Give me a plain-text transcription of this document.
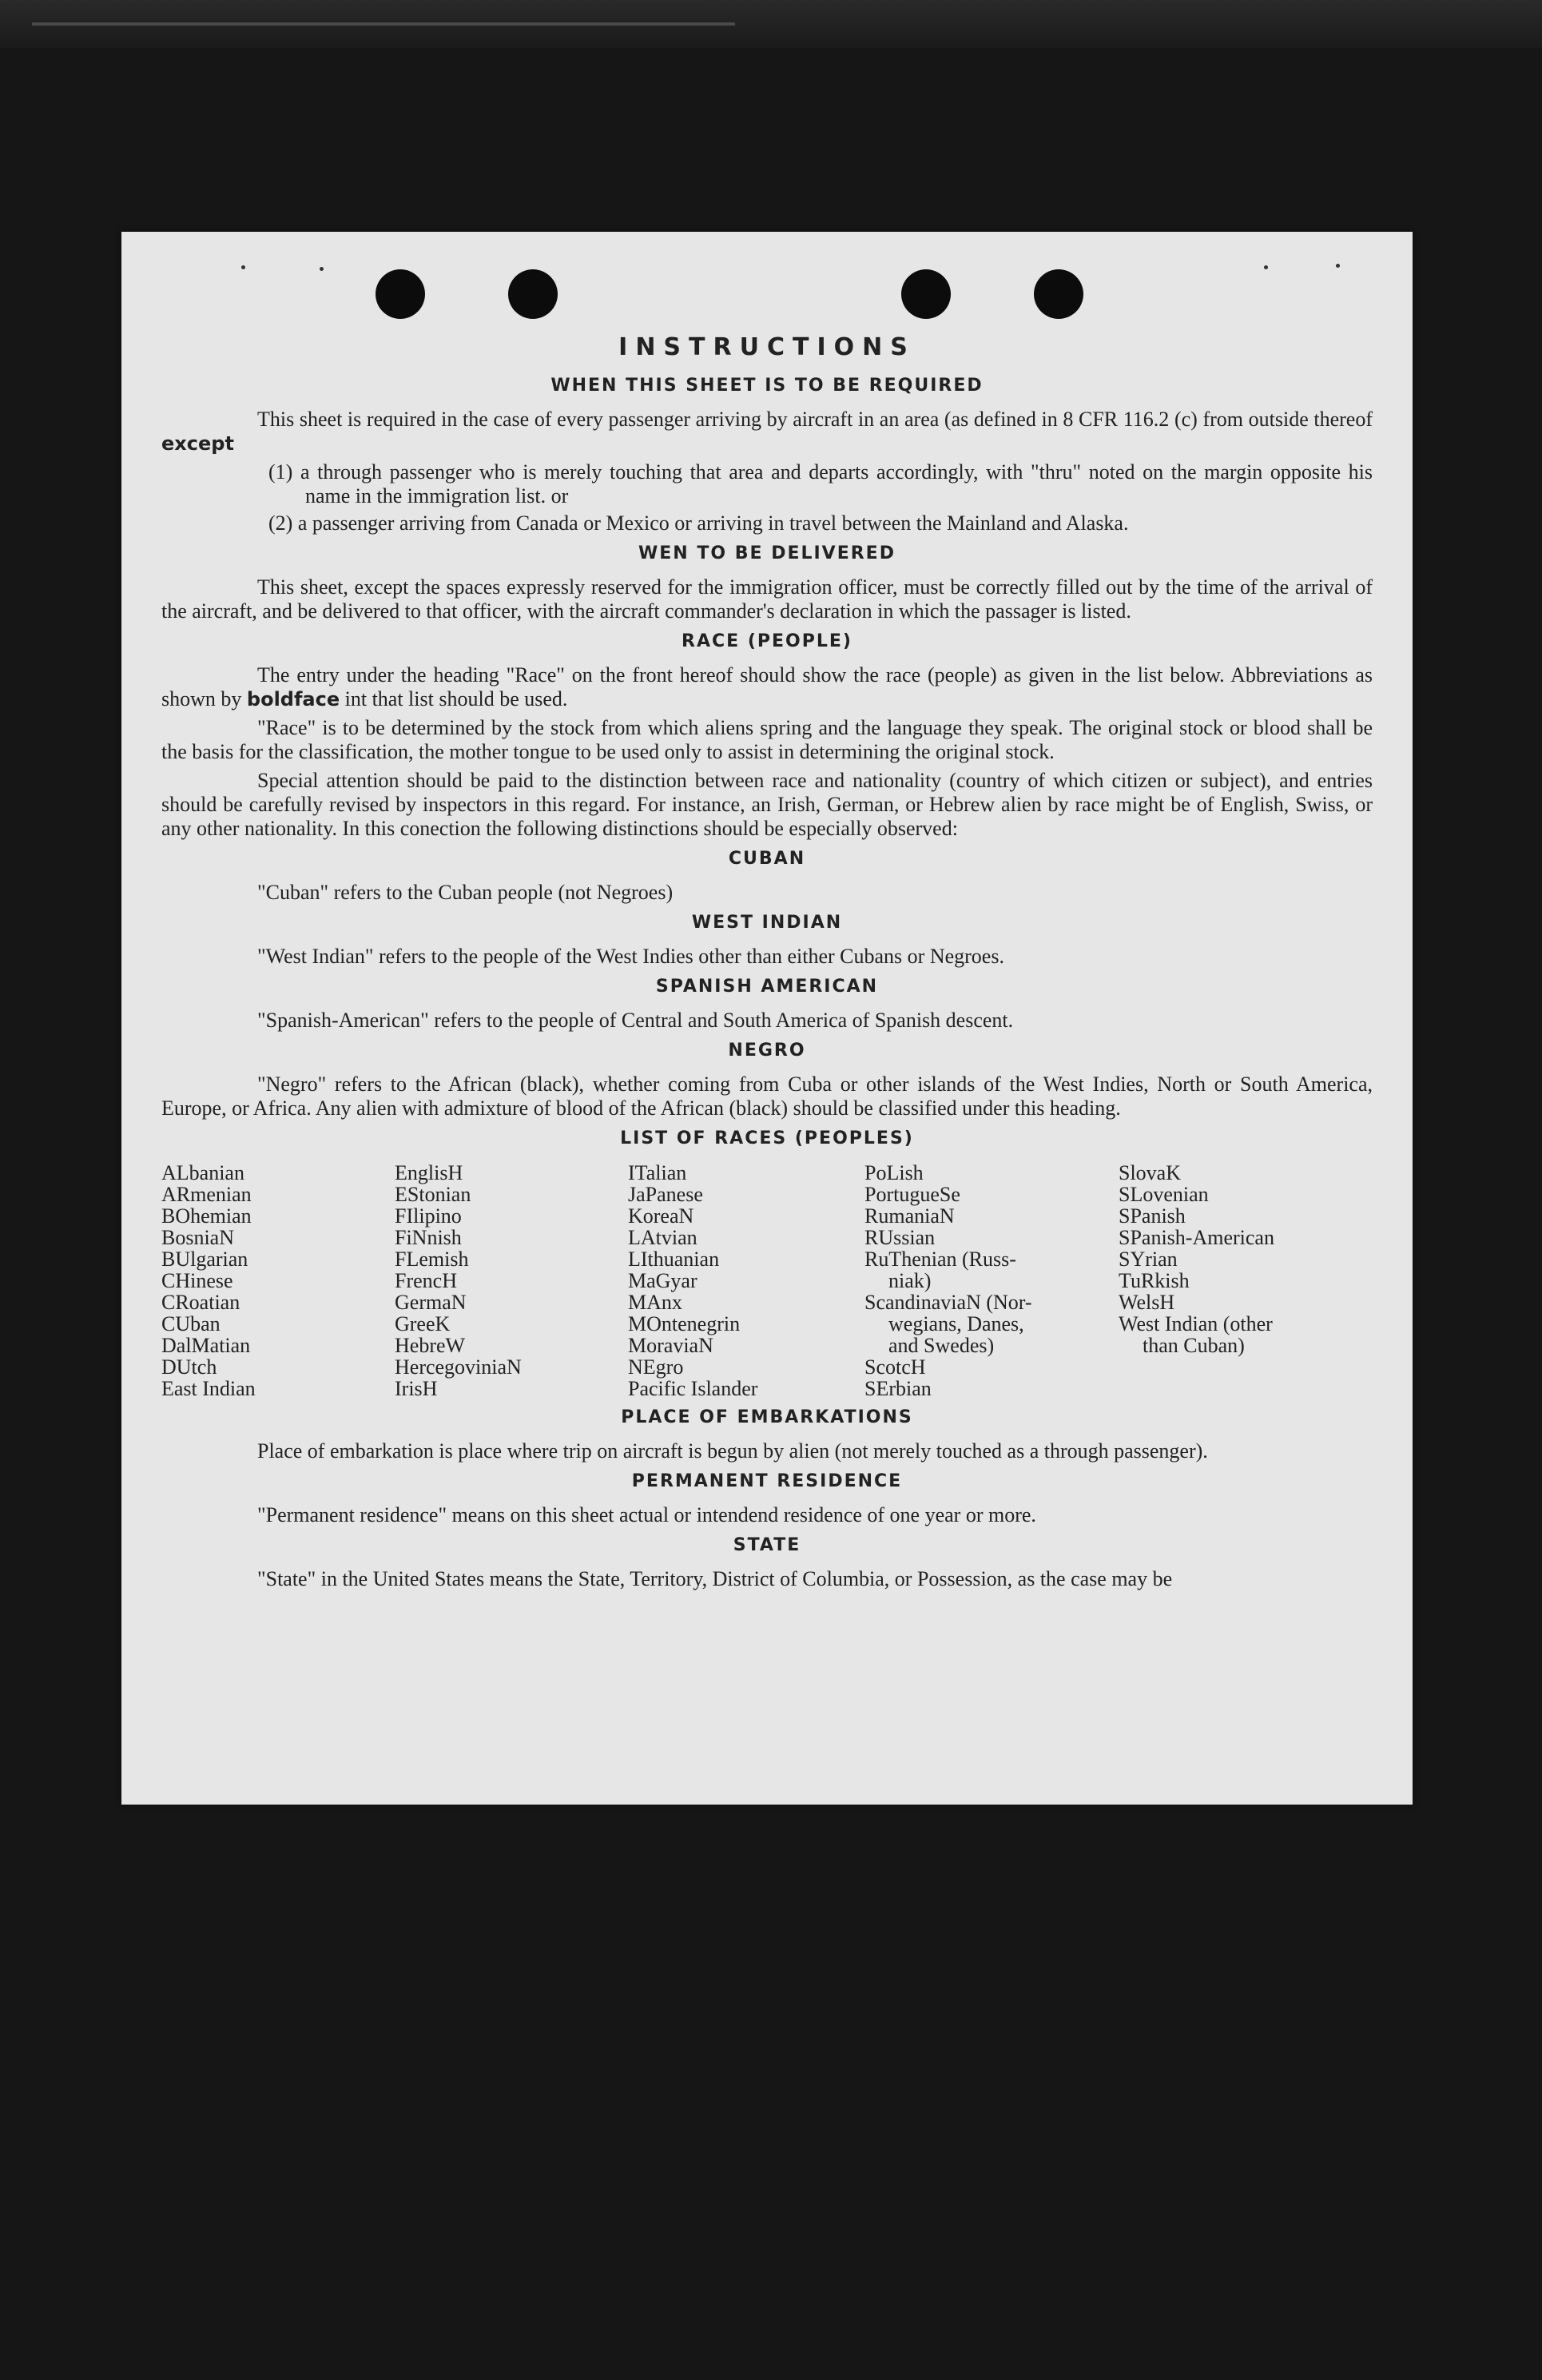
INSTRUCTIONS
WHEN THIS SHEET IS TO BE REQUIRED

This sheet is required in the case of every passenger arriving by aircraft in an area (as defined in 8 CFR 116.2 (c) from outside thereof except

(1) a through passenger who is merely touching that area and departs accordingly, with "thru" noted on the margin opposite his name in the immigration list. or

(2) a passenger arriving from Canada or Mexico or arriving in travel between the Mainland and Alaska.

WEN TO BE DELIVERED

This sheet, except the spaces expressly reserved for the immigration officer, must be correctly filled out by the time of the arrival of the aircraft, and be delivered to that officer, with the aircraft commander's declaration in which the passager is listed.

RACE (PEOPLE)

The entry under the heading "Race" on the front hereof should show the race (people) as given in the list below. Abbreviations as shown by boldface int that list should be used.

"Race" is to be determined by the stock from which aliens spring and the language they speak. The original stock or blood shall be the basis for the classification, the mother tongue to be used only to assist in determining the original stock.

Special attention should be paid to the distinction between race and nationality (country of which citizen or subject), and entries should be carefully revised by inspectors in this regard. For instance, an Irish, German, or Hebrew alien by race might be of English, Swiss, or any other nationality. In this conection the following distinctions should be especially observed:

CUBAN

"Cuban" refers to the Cuban people (not Negroes)

WEST INDIAN

"West Indian" refers to the people of the West Indies other than either Cubans or Negroes.

SPANISH AMERICAN

"Spanish-American" refers to the people of Central and South America of Spanish descent.

NEGRO

"Negro" refers to the African (black), whether coming from Cuba or other islands of the West Indies, North or South America, Europe, or Africa. Any alien with admixture of blood of the African (black) should be classified under this heading.

LIST OF RACES (PEOPLES)
ALbanian
ARmenian
BOhemian
BosniaN
BUlgarian
CHinese
CRoatian
CUban
DalMatian
DUtch
East Indian
EnglisH
EStonian
FIlipino
FiNnish
FLemish
FrencH
GermaN
GreeK
HebreW
HercegoviniaN
IrisH
ITalian
JaPanese
KoreaN
LAtvian
LIthuanian
MaGyar
MAnx
MOntenegrin
MoraviaN
NEgro
Pacific Islander
PoLish
PortugueSe
RumaniaN
RUssian
RuThenian (Russ-
niak)
ScandinaviaN (Nor-
wegians, Danes,
and Swedes)
ScotcH
SErbian
SlovaK
SLovenian
SPanish
SPanish-American
SYrian
TuRkish
WelsH
West Indian (other
than Cuban)
PLACE OF EMBARKATIONS

Place of embarkation is place where trip on aircraft is begun by alien (not merely touched as a through passenger).

PERMANENT RESIDENCE

"Permanent residence" means on this sheet actual or intendend residence of one year or more.

STATE

"State" in the United States means the State, Territory, District of Columbia, or Possession, as the case may be
